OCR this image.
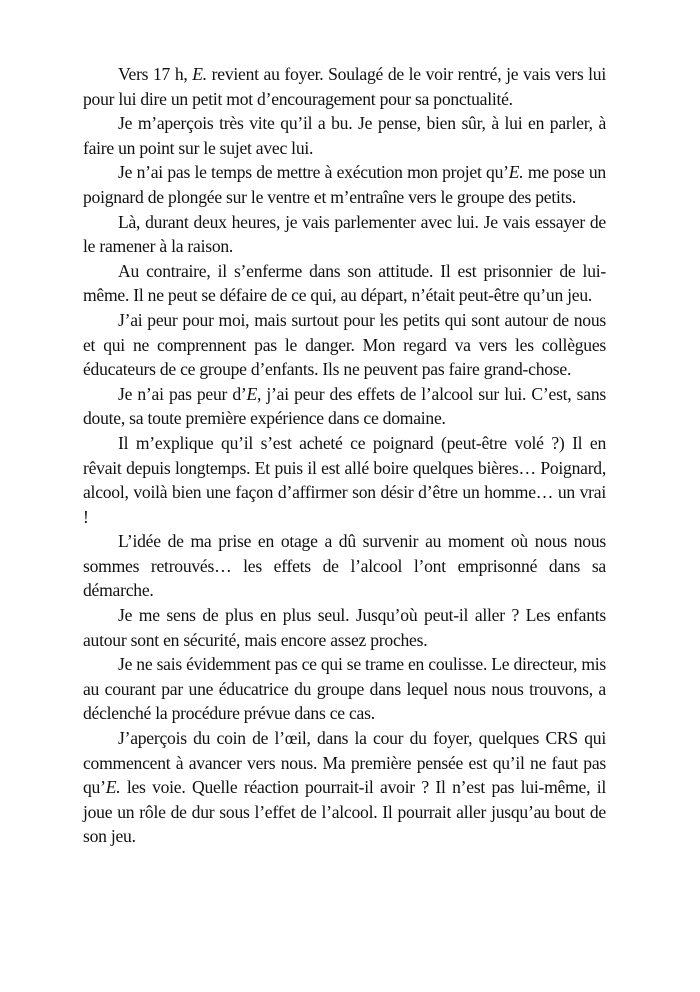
Vers 17 h, E. revient au foyer. Soulagé de le voir rentré, je vais vers lui pour lui dire un petit mot d’encouragement pour sa ponctualité.

Je m’aperçois très vite qu’il a bu. Je pense, bien sûr, à lui en parler, à faire un point sur le sujet avec lui.

Je n’ai pas le temps de mettre à exécution mon projet qu’E. me pose un poignard de plongée sur le ventre et m’entraîne vers le groupe des petits.

Là, durant deux heures, je vais parlementer avec lui. Je vais essayer de le ramener à la raison.

Au contraire, il s’enferme dans son attitude. Il est prisonnier de lui-même. Il ne peut se défaire de ce qui, au départ, n’était peut-être qu’un jeu.

J’ai peur pour moi, mais surtout pour les petits qui sont autour de nous et qui ne comprennent pas le danger. Mon regard va vers les collègues éducateurs de ce groupe d’enfants. Ils ne peuvent pas faire grand-chose.

Je n’ai pas peur d’E, j’ai peur des effets de l’alcool sur lui. C’est, sans doute, sa toute première expérience dans ce domaine.

Il m’explique qu’il s’est acheté ce poignard (peut-être volé ?) Il en rêvait depuis longtemps. Et puis il est allé boire quelques bières… Poignard, alcool, voilà bien une façon d’affirmer son désir d’être un homme… un vrai !

L’idée de ma prise en otage a dû survenir au moment où nous nous sommes retrouvés… les effets de l’alcool l’ont emprisonné dans sa démarche.

Je me sens de plus en plus seul. Jusqu’où peut-il aller ? Les enfants autour sont en sécurité, mais encore assez proches.

Je ne sais évidemment pas ce qui se trame en coulisse. Le directeur, mis au courant par une éducatrice du groupe dans lequel nous nous trouvons, a déclenché la procédure prévue dans ce cas.

J’aperçois du coin de l’œil, dans la cour du foyer, quelques CRS qui commencent à avancer vers nous. Ma première pensée est qu’il ne faut pas qu’E. les voie. Quelle réaction pourrait-il avoir ? Il n’est pas lui-même, il joue un rôle de dur sous l’effet de l’alcool. Il pourrait aller jusqu’au bout de son jeu.
